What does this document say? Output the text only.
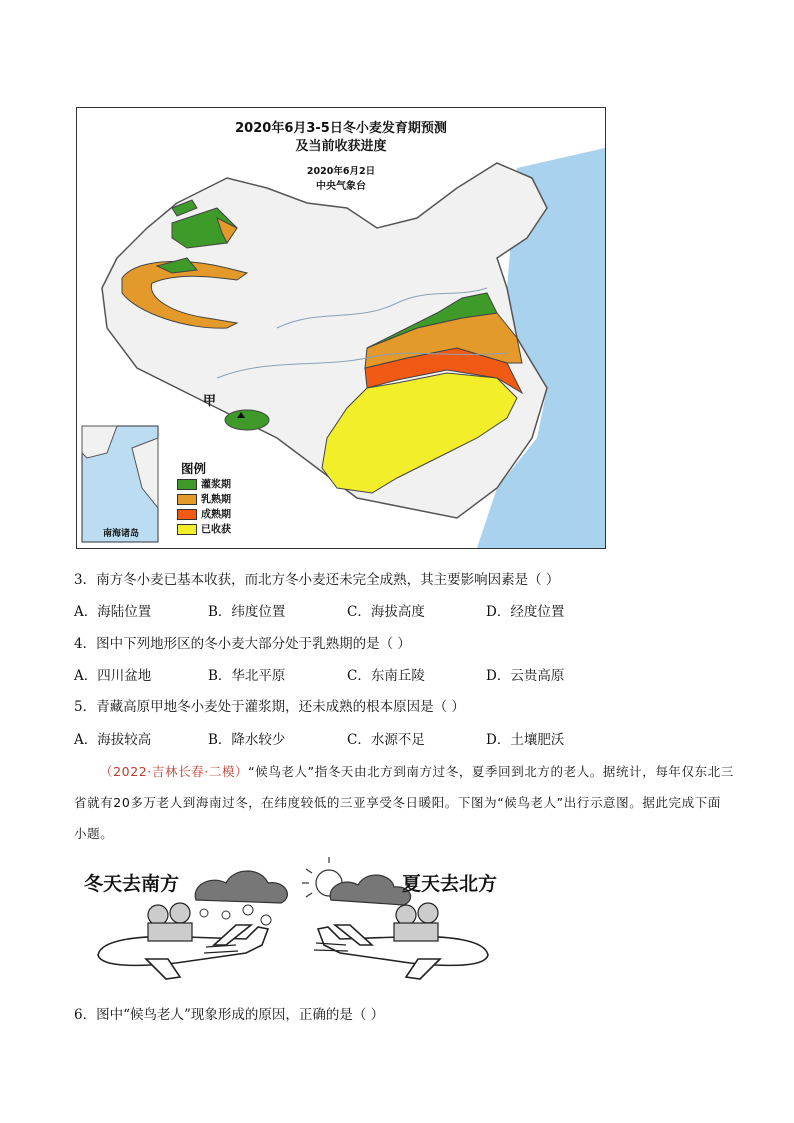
2020年6月3-5日冬小麦发育期预测
及当前收获进度
2020年6月2日
中央气象台
甲
图例
灌浆期
乳熟期
成熟期
已收获
南海诸岛
3．南方冬小麦已基本收获，而北方冬小麦还未完全成熟，其主要影响因素是（ ）
A．海陆位置	B．纬度位置	C．海拔高度	D．经度位置
4．图中下列地形区的冬小麦大部分处于乳熟期的是（ ）
A．四川盆地	B．华北平原	C．东南丘陵	D．云贵高原
5．青藏高原甲地冬小麦处于灌浆期，还未成熟的根本原因是（ ）
A．海拔较高	B．降水较少	C．水源不足	D．土壤肥沃
（2022·吉林长春·二模）“候鸟老人”指冬天由北方到南方过冬，夏季回到北方的老人。据统计，每年仅东北三省就有20多万老人到海南过冬，在纬度较低的三亚享受冬日暖阳。下图为“候鸟老人”出行示意图。据此完成下面小题。
冬天去南方	夏天去北方
6．图中“候鸟老人”现象形成的原因，正确的是（ ）
